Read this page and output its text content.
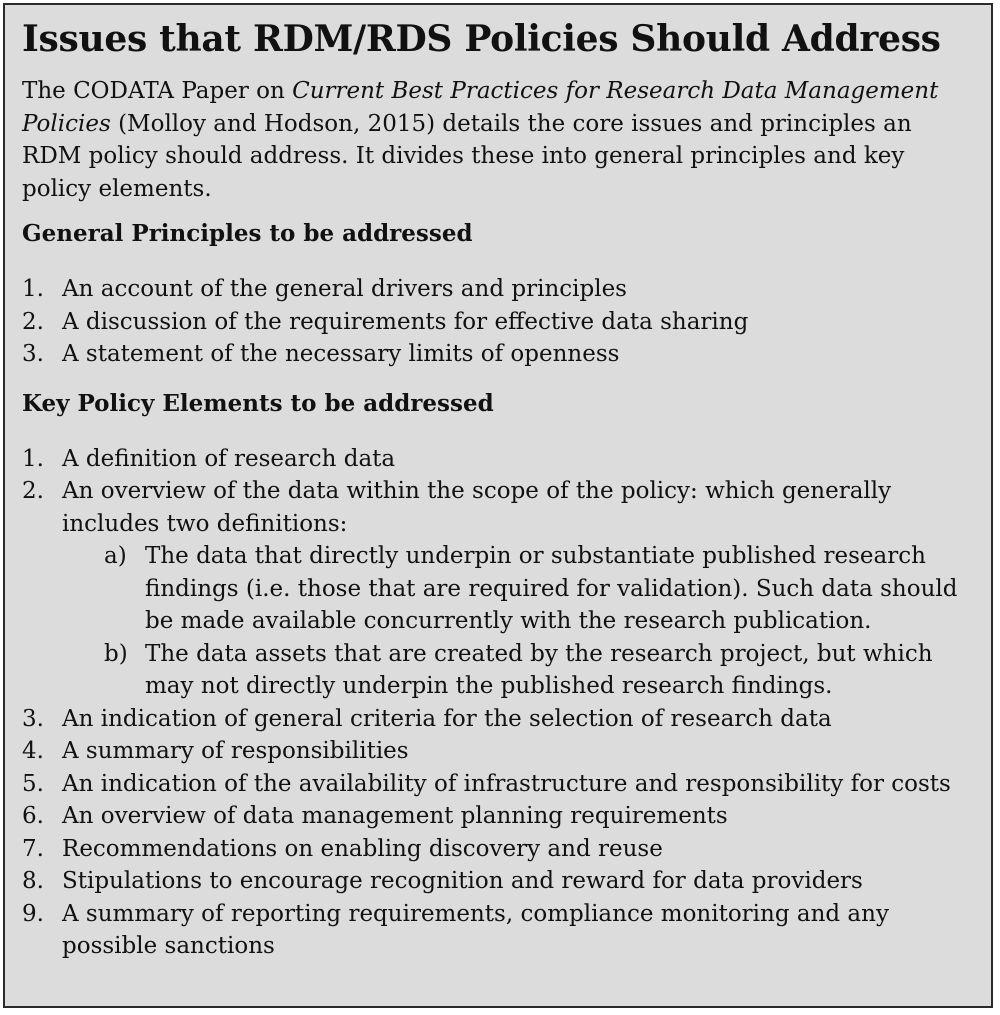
Issues that RDM/RDS Policies Should Address

The CODATA Paper on Current Best Practices for Research Data Management Policies (Molloy and Hodson, 2015) details the core issues and principles an RDM policy should address. It divides these into general principles and key policy elements.

General Principles to be addressed
1. An account of the general drivers and principles
2. A discussion of the requirements for effective data sharing
3. A statement of the necessary limits of openness
Key Policy Elements to be addressed
1. A definition of research data
2. An overview of the data within the scope of the policy: which generally includes two definitions:
a) The data that directly underpin or substantiate published research findings (i.e. those that are required for validation). Such data should be made available concurrently with the research publication.
b) The data assets that are created by the research project, but which may not directly underpin the published research findings.
3. An indication of general criteria for the selection of research data
4. A summary of responsibilities
5. An indication of the availability of infrastructure and responsibility for costs
6. An overview of data management planning requirements
7. Recommendations on enabling discovery and reuse
8. Stipulations to encourage recognition and reward for data providers
9. A summary of reporting requirements, compliance monitoring and any possible sanctions
